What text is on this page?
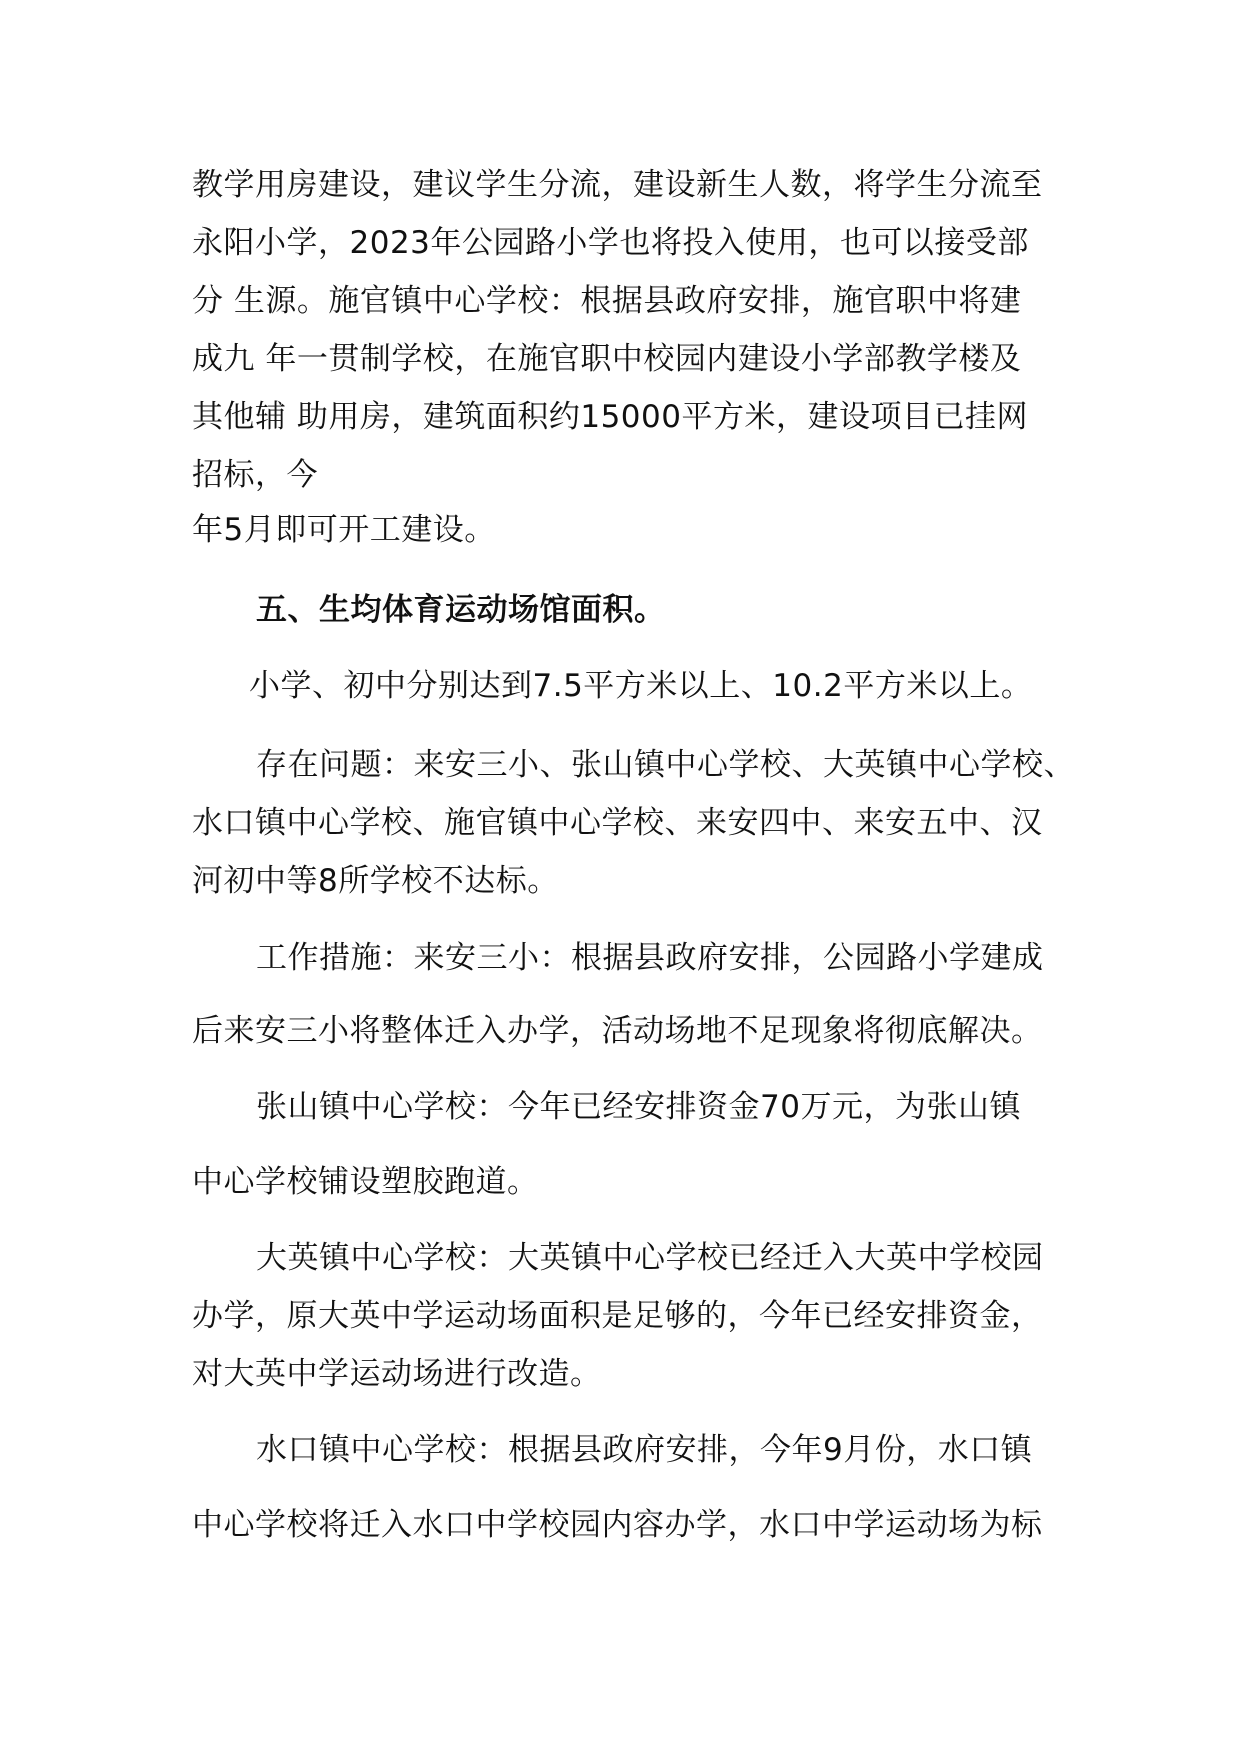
教学用房建设，建议学生分流，建设新生人数，将学生分流至
永阳小学，2023年公园路小学也将投入使用，也可以接受部
分 生源。施官镇中心学校：根据县政府安排，施官职中将建
成九 年一贯制学校，在施官职中校园内建设小学部教学楼及
其他辅 助用房，建筑面积约15000平方米，建设项目已挂网
招标，今
年5月即可开工建设。
五、生均体育运动场馆面积。
小学、初中分别达到7.5平方米以上、10.2平方米以上。
存在问题：来安三小、张山镇中心学校、大英镇中心学校、
水口镇中心学校、施官镇中心学校、来安四中、来安五中、汉
河初中等8所学校不达标。
工作措施：来安三小：根据县政府安排，公园路小学建成
后来安三小将整体迁入办学，活动场地不足现象将彻底解决。
张山镇中心学校：今年已经安排资金70万元，为张山镇
中心学校铺设塑胶跑道。
大英镇中心学校：大英镇中心学校已经迁入大英中学校园
办学，原大英中学运动场面积是足够的，今年已经安排资金，
对大英中学运动场进行改造。
水口镇中心学校：根据县政府安排，今年9月份，水口镇
中心学校将迁入水口中学校园内容办学，水口中学运动场为标
